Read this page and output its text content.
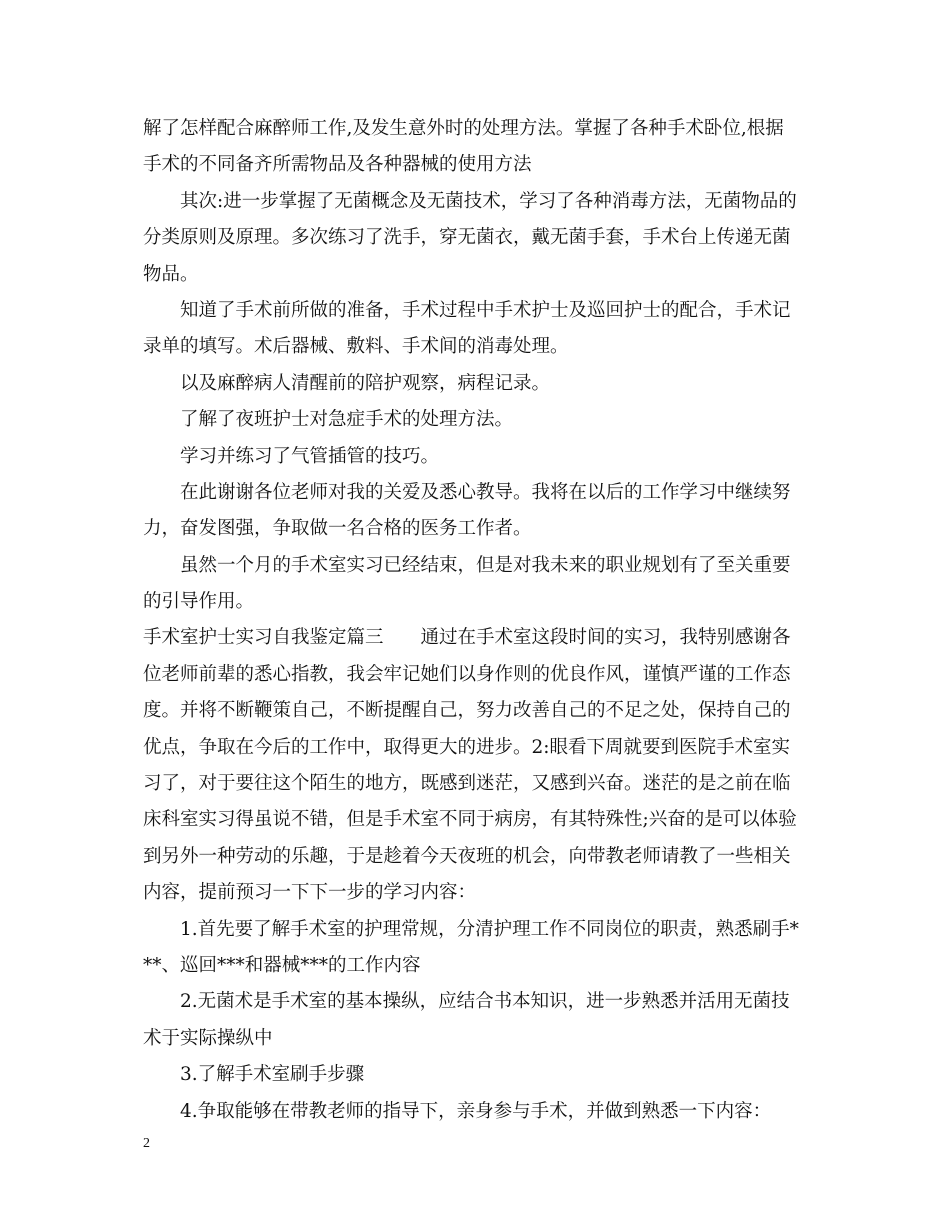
解了怎样配合麻醉师工作,及发生意外时的处理方法。掌握了各种手术卧位,根据
手术的不同备齐所需物品及各种器械的使用方法
其次:进一步掌握了无菌概念及无菌技术，学习了各种消毒方法，无菌物品的
分类原则及原理。多次练习了洗手，穿无菌衣，戴无菌手套，手术台上传递无菌
物品。
知道了手术前所做的准备，手术过程中手术护士及巡回护士的配合，手术记
录单的填写。术后器械、敷料、手术间的消毒处理。
以及麻醉病人清醒前的陪护观察，病程记录。
了解了夜班护士对急症手术的处理方法。
学习并练习了气管插管的技巧。
在此谢谢各位老师对我的关爱及悉心教导。我将在以后的工作学习中继续努
力，奋发图强，争取做一名合格的医务工作者。
虽然一个月的手术室实习已经结束，但是对我未来的职业规划有了至关重要
的引导作用。
手术室护士实习自我鉴定篇三　　通过在手术室这段时间的实习，我特别感谢各
位老师前辈的悉心指教，我会牢记她们以身作则的优良作风，谨慎严谨的工作态
度。并将不断鞭策自己，不断提醒自己，努力改善自己的不足之处，保持自己的
优点，争取在今后的工作中，取得更大的进步。2:眼看下周就要到医院手术室实
习了，对于要往这个陌生的地方，既感到迷茫，又感到兴奋。迷茫的是之前在临
床科室实习得虽说不错，但是手术室不同于病房，有其特殊性;兴奋的是可以体验
到另外一种劳动的乐趣，于是趁着今天夜班的机会，向带教老师请教了一些相关
内容，提前预习一下下一步的学习内容：
1.首先要了解手术室的护理常规，分清护理工作不同岗位的职责，熟悉刷手*
**、巡回***和器械***的工作内容
2.无菌术是手术室的基本操纵，应结合书本知识，进一步熟悉并活用无菌技
术于实际操纵中
3.了解手术室刷手步骤
4.争取能够在带教老师的指导下，亲身参与手术，并做到熟悉一下内容：
2
